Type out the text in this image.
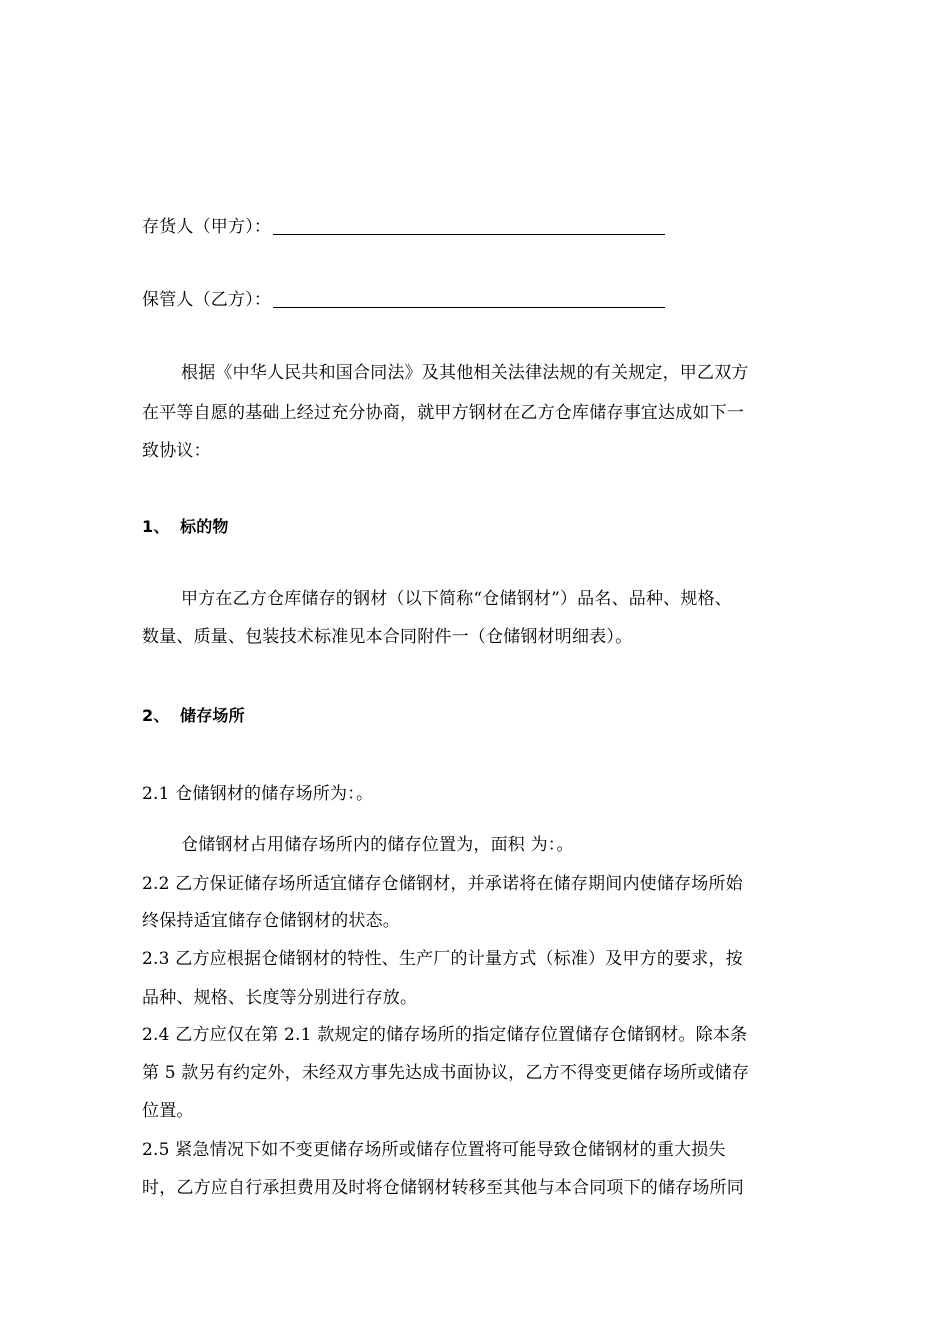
存货人（甲方）：
保管人（乙方）：
根据《中华人民共和国合同法》及其他相关法律法规的有关规定，甲乙双方
在平等自愿的基础上经过充分协商，就甲方钢材在乙方仓库储存事宜达成如下一
致协议：
1、 标的物
甲方在乙方仓库储存的钢材（以下简称“仓储钢材”）品名、品种、规格、
数量、质量、包装技术标准见本合同附件一（仓储钢材明细表）。
2、 储存场所
2.1 仓储钢材的储存场所为：。
仓储钢材占用储存场所内的储存位置为，面积 为：。
2.2 乙方保证储存场所适宜储存仓储钢材，并承诺将在储存期间内使储存场所始
终保持适宜储存仓储钢材的状态。
2.3 乙方应根据仓储钢材的特性、生产厂的计量方式（标准）及甲方的要求，按
品种、规格、长度等分别进行存放。
2.4 乙方应仅在第 2.1 款规定的储存场所的指定储存位置储存仓储钢材。除本条
第 5 款另有约定外，未经双方事先达成书面协议，乙方不得变更储存场所或储存
位置。
2.5 紧急情况下如不变更储存场所或储存位置将可能导致仓储钢材的重大损失
时，乙方应自行承担费用及时将仓储钢材转移至其他与本合同项下的储存场所同
